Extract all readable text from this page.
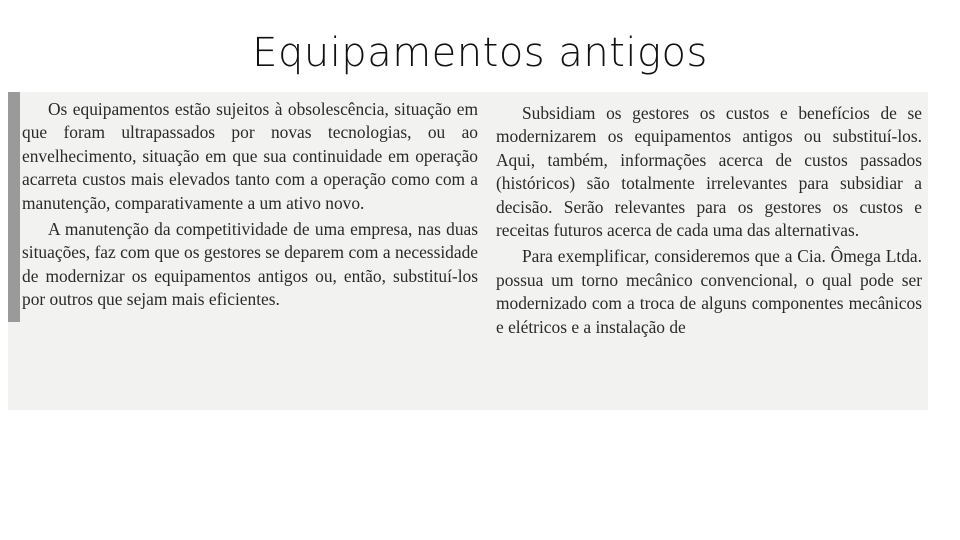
Equipamentos antigos

Os equipamentos estão sujeitos à obsolescência, situação em que foram ultrapassados por novas tecnologias, ou ao envelhecimento, situação em que sua continuidade em operação acarreta custos mais elevados tanto com a operação como com a manutenção, comparativamente a um ativo novo.

A manutenção da competitividade de uma empresa, nas duas situações, faz com que os gestores se deparem com a necessidade de modernizar os equipamentos antigos ou, então, substituí-los por outros que sejam mais eficientes.

Subsidiam os gestores os custos e benefícios de se modernizarem os equipamentos antigos ou substituí-los. Aqui, também, informações acerca de custos passados (históricos) são totalmente irrelevantes para subsidiar a decisão. Serão relevantes para os gestores os custos e receitas futuros acerca de cada uma das alternativas.

Para exemplificar, consideremos que a Cia. Ômega Ltda. possua um torno mecânico convencional, o qual pode ser modernizado com a troca de alguns componentes mecânicos e elétricos e a instalação de
